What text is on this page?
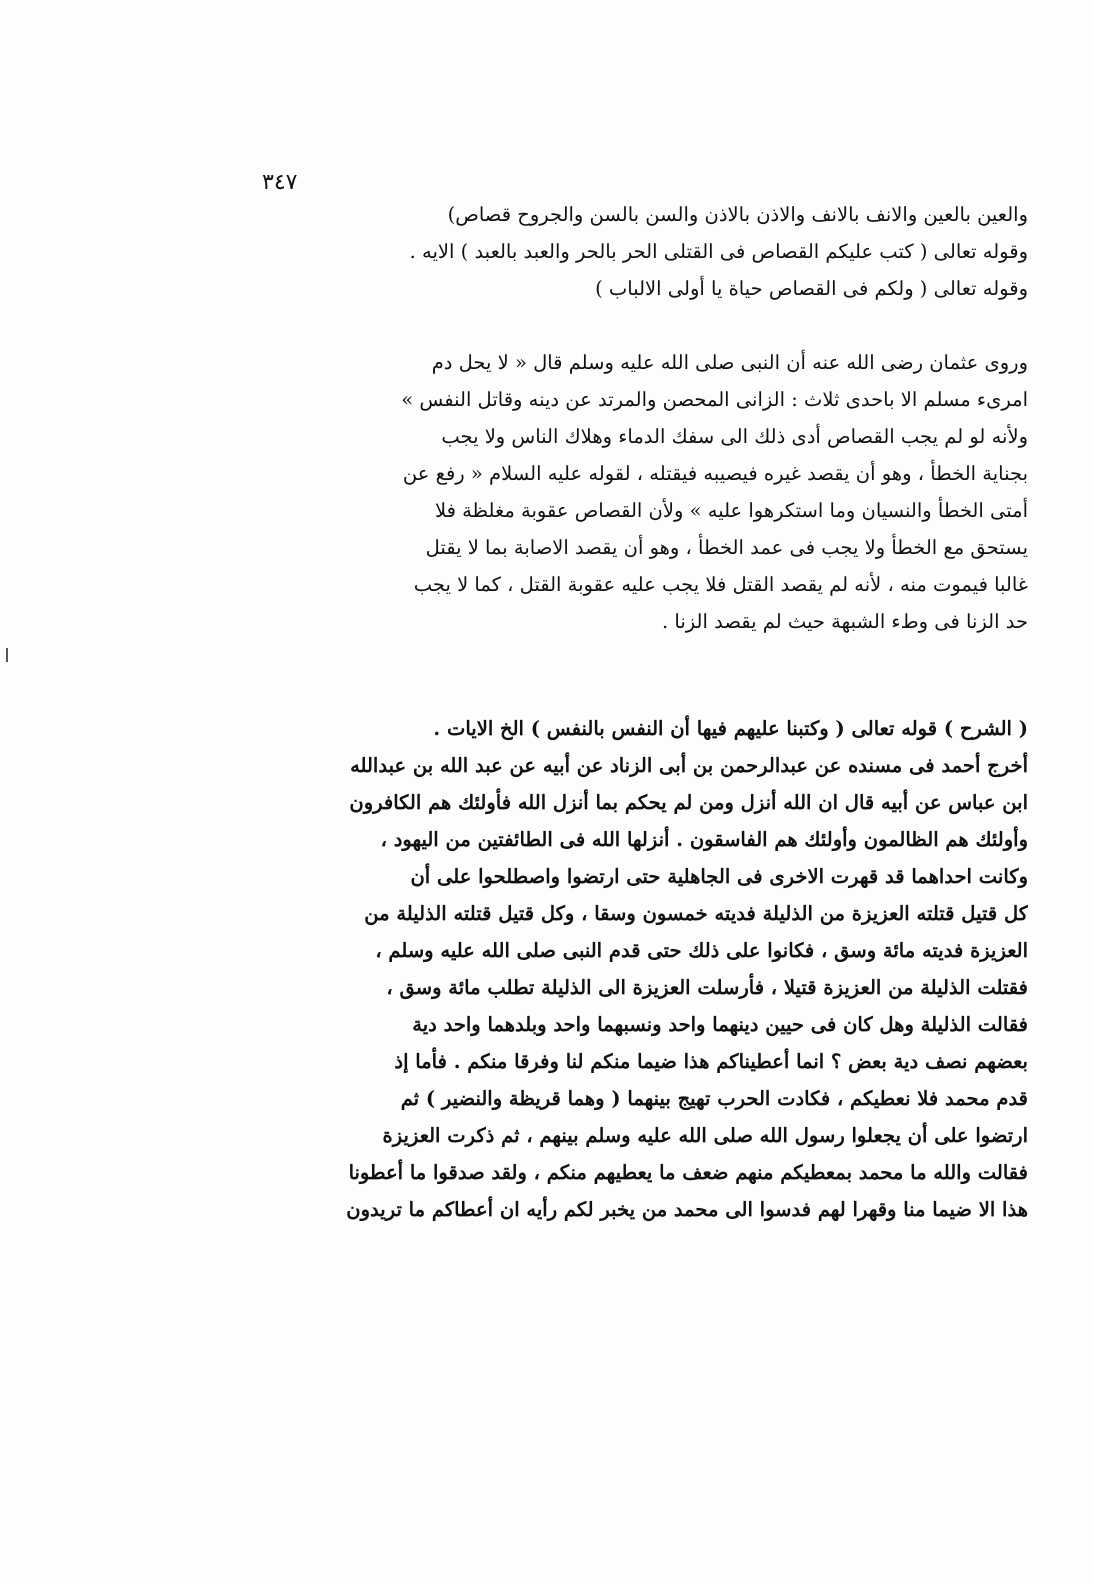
٣٤٧
والعين بالعين والانف بالانف والاذن بالاذن والسن بالسن والجروح قصاص)
وقوله تعالى ( كتب عليكم القصاص فى القتلى الحر بالحر والعبد بالعبد ) الايه .
وقوله تعالى ( ولكم فى القصاص حياة يا أولى الالباب )
وروى عثمان رضى الله عنه أن النبى صلى الله عليه وسلم قال « لا يحل دم
امرىء مسلم الا باحدى ثلاث : الزانى المحصن والمرتد عن دينه وقاتل النفس »
ولأنه لو لم يجب القصاص أدى ذلك الى سفك الدماء وهلاك الناس ولا يجب
بجناية الخطأ ، وهو أن يقصد غيره فيصيبه فيقتله ، لقوله عليه السلام « رفع عن
أمتى الخطأ والنسيان وما استكرهوا عليه » ولأن القصاص عقوبة مغلظة فلا
يستحق مع الخطأ ولا يجب فى عمد الخطأ ، وهو أن يقصد الاصابة بما لا يقتل
غالبا فيموت منه ، لأنه لم يقصد القتل فلا يجب عليه عقوبة القتل ، كما لا يجب
حد الزنا فى وطء الشبهة حيث لم يقصد الزنا .
( الشرح ) قوله تعالى ( وكتبنا عليهم فيها أن النفس بالنفس ) الخ الايات .
أخرج أحمد فى مسنده عن عبدالرحمن بن أبى الزناد عن أبيه عن عبد الله بن عبدالله
ابن عباس عن أبيه قال ان الله أنزل ومن لم يحكم بما أنزل الله فأولئك هم الكافرون
وأولئك هم الظالمون وأولئك هم الفاسقون . أنزلها الله فى الطائفتين من اليهود ،
وكانت احداهما قد قهرت الاخرى فى الجاهلية حتى ارتضوا واصطلحوا على أن
كل قتيل قتلته العزيزة من الذليلة فديته خمسون وسقا ، وكل قتيل قتلته الذليلة من
العزيزة فديته مائة وسق ، فكانوا على ذلك حتى قدم النبى صلى الله عليه وسلم ،
فقتلت الذليلة من العزيزة قتيلا ، فأرسلت العزيزة الى الذليلة تطلب مائة وسق ،
فقالت الذليلة وهل كان فى حيين دينهما واحد ونسبهما واحد وبلدهما واحد دية
بعضهم نصف دية بعض ؟ انما أعطيناكم هذا ضيما منكم لنا وفرقا منكم . فأما إذ
قدم محمد فلا نعطيكم ، فكادت الحرب تهيج بينهما ( وهما قريظة والنضير ) ثم
ارتضوا على أن يجعلوا رسول الله صلى الله عليه وسلم بينهم ، ثم ذكرت العزيزة
فقالت والله ما محمد بمعطيكم منهم ضعف ما يعطيهم منكم ، ولقد صدقوا ما أعطونا
هذا الا ضيما منا وقهرا لهم فدسوا الى محمد من يخبر لكم رأيه ان أعطاكم ما تريدون
